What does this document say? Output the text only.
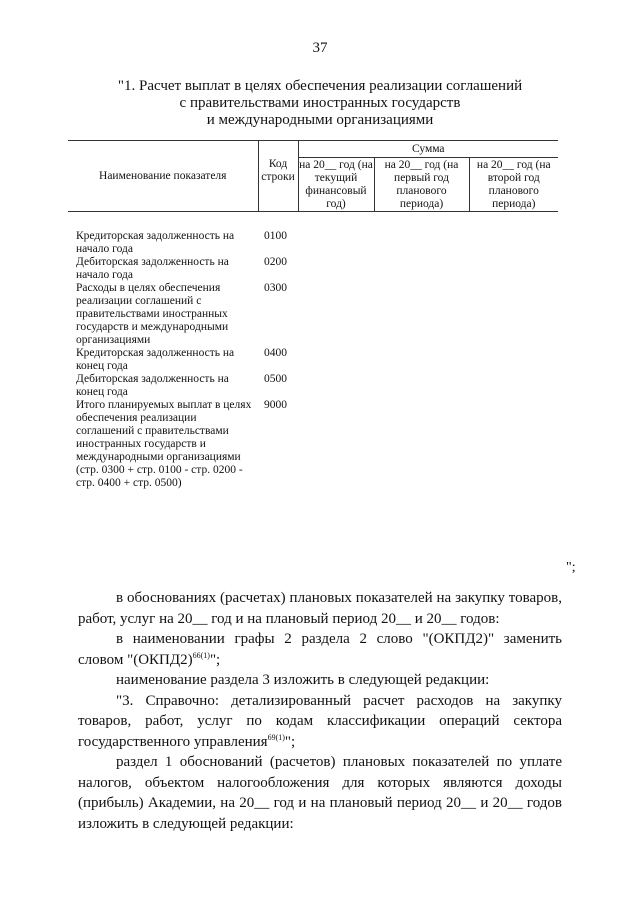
37
"1. Расчет выплат в целях обеспечения реализации соглашений
с правительствами иностранных государств
и международными организациями
Наименование показателя	Код строки	Сумма		
		на 20__ год (на текущий финансовый год)	на 20__ год (на первый год планового периода)	на 20__ год (на второй год планового периода)

Кредиторская задолженность на начало года	0100			
Дебиторская задолженность на начало года	0200			
Расходы в целях обеспечения реализации соглашений с правительствами иностранных государств и международными организациями	0300			
Кредиторская задолженность на конец года	0400			
Дебиторская задолженность на конец года	0500			
Итого планируемых выплат в целях обеспечения реализации соглашений с правительствами иностранных государств и международными организациями (стр. 0300 + стр. 0100 - стр. 0200 - стр. 0400 + стр. 0500)	9000			
";

в обоснованиях (расчетах) плановых показателей на закупку товаров, работ, услуг на 20__ год и на плановый период 20__ и 20__ годов:

в наименовании графы 2 раздела 2 слово "(ОКПД2)" заменить словом "(ОКПД2)$^{66(1)}$";

наименование раздела 3 изложить в следующей редакции:

"3. Справочно: детализированный расчет расходов на закупку товаров, работ, услуг по кодам классификации операций сектора государственного управления$^{69(1)}$";

раздел 1 обоснований (расчетов) плановых показателей по уплате налогов, объектом налогообложения для которых являются доходы (прибыль) Академии, на 20__ год и на плановый период 20__ и 20__ годов изложить в следующей редакции:
